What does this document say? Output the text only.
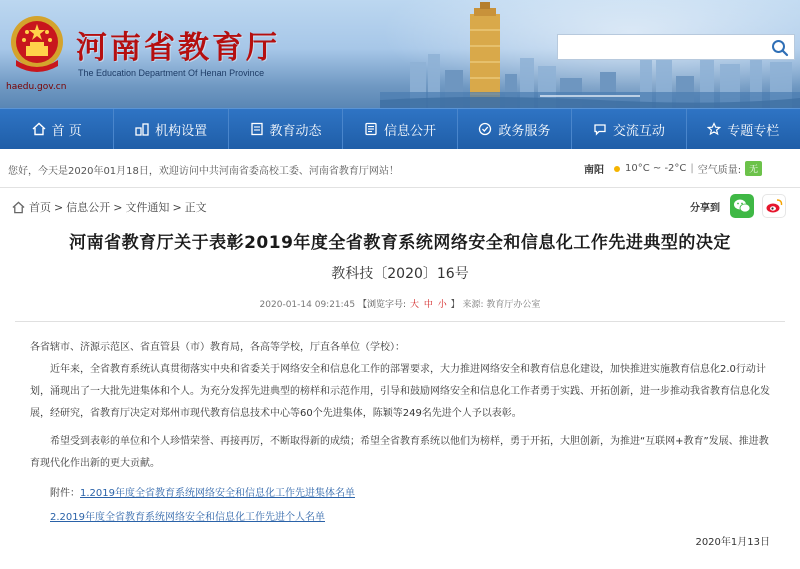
haedu.gov.cn
河南省教育厅
The Education Department Of Henan Province
首 页	机构设置	教育动态	信息公开	政务服务	交流互动	专题专栏
您好，今天是2020年01月18日，欢迎访问中共河南省委高校工委、河南省教育厅网站！	南阳 10°C ~ -2°C | 空气质量: 无
首页 > 信息公开 > 文件通知 > 正文	分享到
河南省教育厅关于表彰2019年度全省教育系统网络安全和信息化工作先进典型的决定
教科技〔2020〕16号
2020-01-14 09:21:45 【浏览字号: 大 中 小 】 来源: 教育厅办公室

各省辖市、济源示范区、省直管县（市）教育局，各高等学校，厅直各单位（学校）：

近年来，全省教育系统认真贯彻落实中央和省委关于网络安全和信息化工作的部署要求，大力推进网络安全和教育信息化建设，加快推进实施教育信息化2.0行动计划，涌现出了一大批先进集体和个人。为充分发挥先进典型的榜样和示范作用，引导和鼓励网络安全和信息化工作者勇于实践、开拓创新，进一步推动我省教育信息化发展，经研究，省教育厅决定对郑州市现代教育信息技术中心等60个先进集体，陈颖等249名先进个人予以表彰。

希望受到表彰的单位和个人珍惜荣誉、再接再厉，不断取得新的成绩；希望全省教育系统以他们为榜样，勇于开拓，大胆创新，为推进“互联网+教育”发展、推进教育现代化作出新的更大贡献。

附件：1.2019年度全省教育系统网络安全和信息化工作先进集体名单

2.2019年度全省教育系统网络安全和信息化工作先进个人名单

2020年1月13日
